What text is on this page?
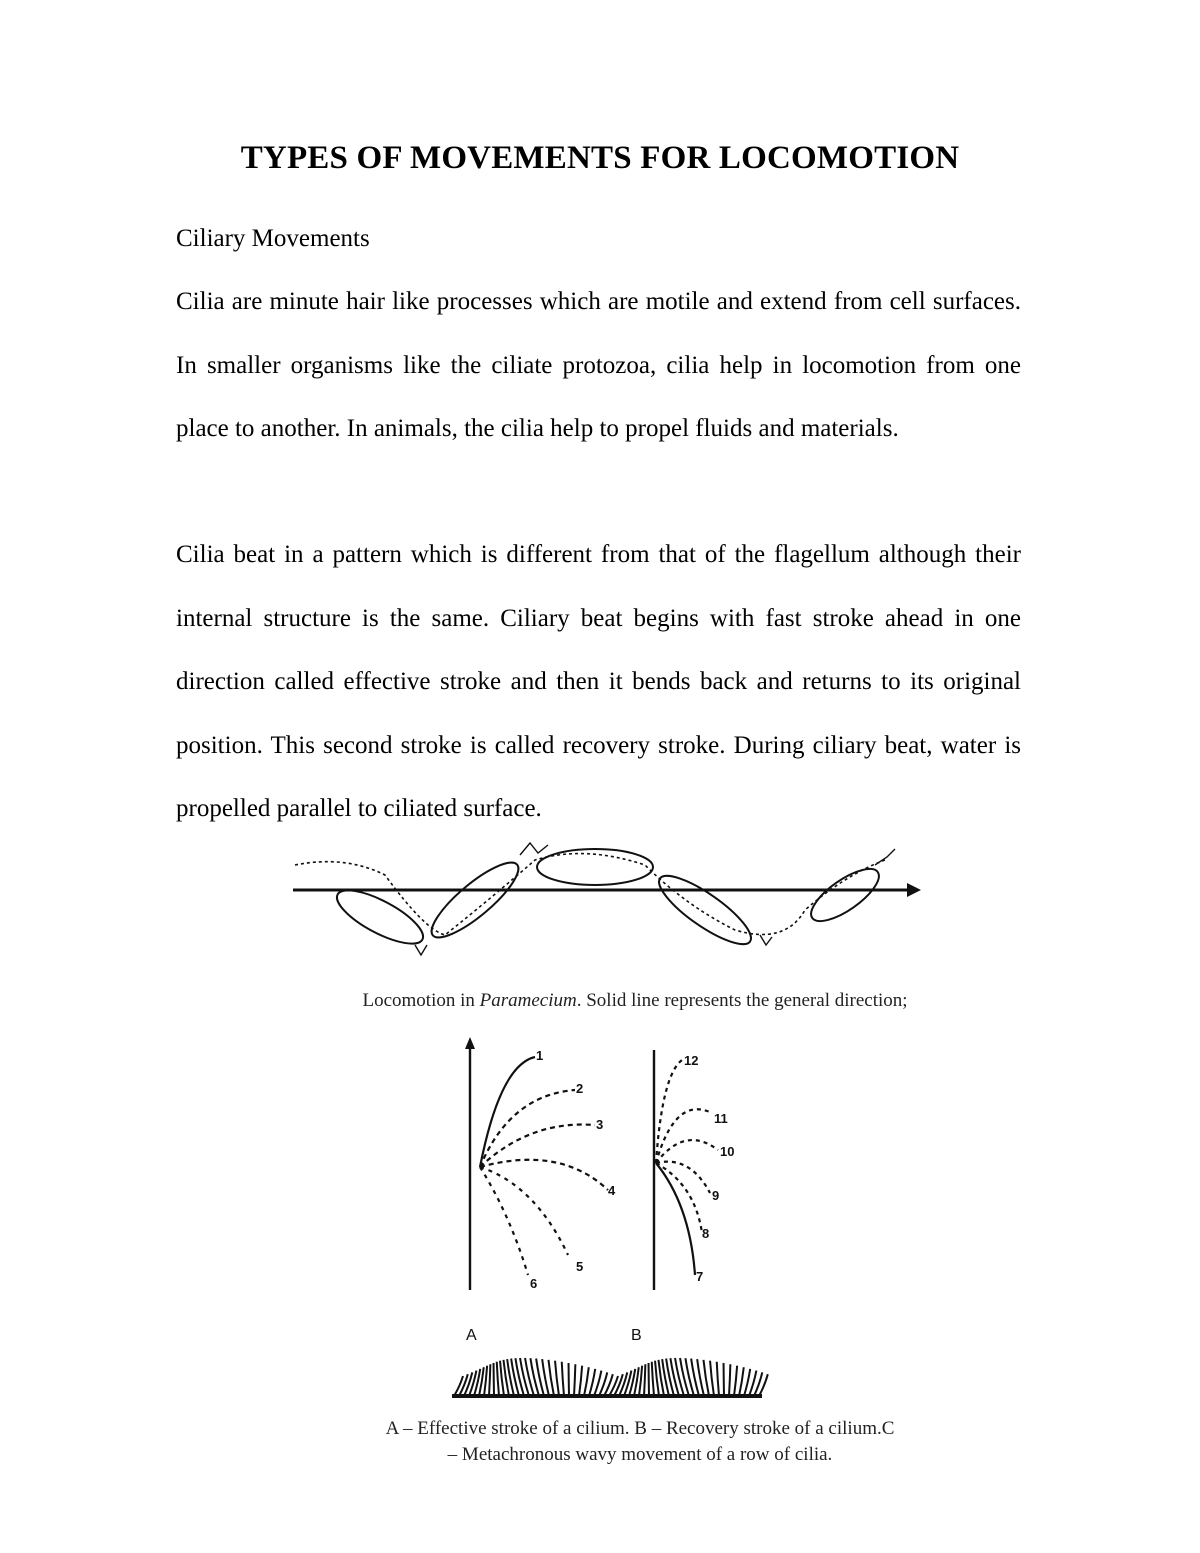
TYPES OF MOVEMENTS FOR LOCOMOTION
Ciliary Movements

Cilia are minute hair like processes which are motile and extend from cell surfaces. In smaller organisms like the ciliate protozoa, cilia help in locomotion from one place to another. In animals, the cilia help to propel fluids and materials.

Cilia beat in a pattern which is different from that of the flagellum although their internal structure is the same. Ciliary beat begins with fast stroke ahead in one direction called effective stroke and then it bends back and returns to its original position. This second stroke is called recovery stroke. During ciliary beat, water is propelled parallel to ciliated surface.

Locomotion in Paramecium. Solid line represents the general direction;
1
2
3
4
5
6
12
11
10
9
8
7
A	B
A – Effective stroke of a cilium. B – Recovery stroke of a cilium.C
– Metachronous wavy movement of a row of cilia.
